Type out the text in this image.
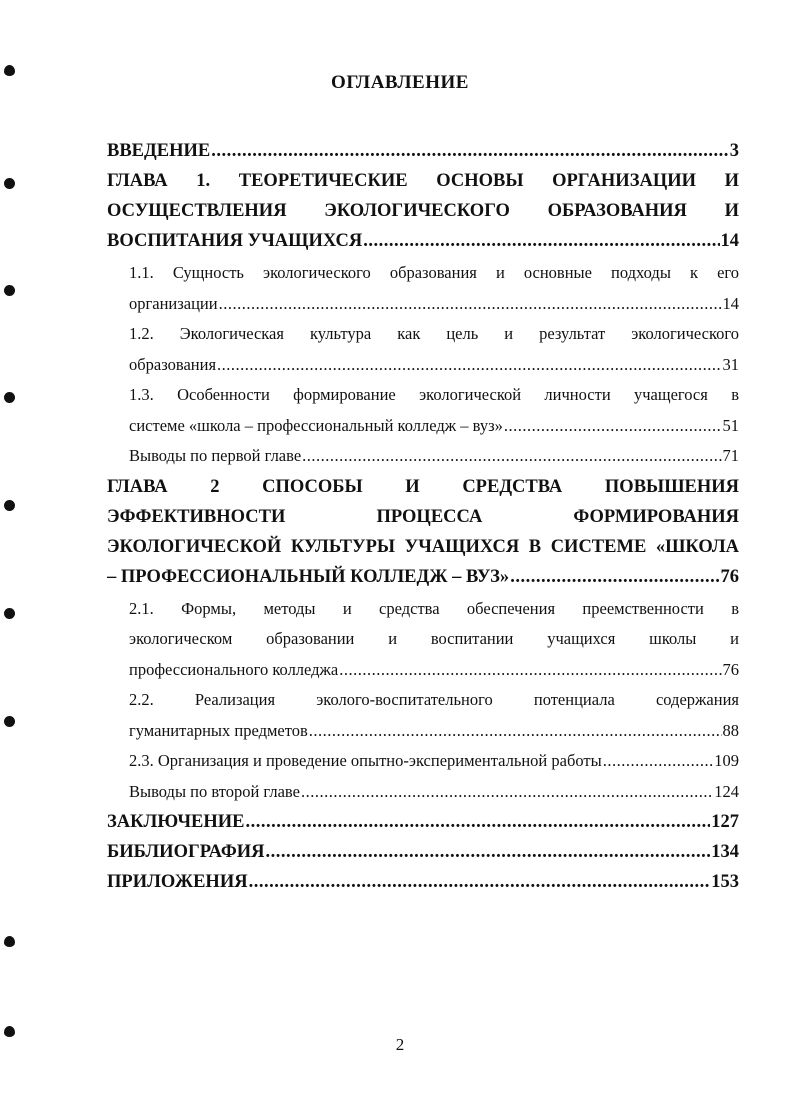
ОГЛАВЛЕНИЕ
ВВЕДЕНИЕ .....	3
ГЛАВА 1. ТЕОРЕТИЧЕСКИЕ ОСНОВЫ ОРГАНИЗАЦИИ И
ОСУЩЕСТВЛЕНИЯ ЭКОЛОГИЧЕСКОГО ОБРАЗОВАНИЯ И
ВОСПИТАНИЯ УЧАЩИХСЯ .....	14
1.1. Сущность экологического образования и основные подходы к его
организации .....	14
1.2. Экологическая культура как цель и результат экологического
образования .....	31
1.3. Особенности формирование экологической личности учащегося в
системе «школа – профессиональный колледж – вуз» .....	51
Выводы по первой главе .....	71
ГЛАВА 2 СПОСОБЫ И СРЕДСТВА ПОВЫШЕНИЯ
ЭФФЕКТИВНОСТИ ПРОЦЕССА ФОРМИРОВАНИЯ
ЭКОЛОГИЧЕСКОЙ КУЛЬТУРЫ УЧАЩИХСЯ В СИСТЕМЕ «ШКОЛА
– ПРОФЕССИОНАЛЬНЫЙ КОЛЛЕДЖ – ВУЗ» .....	76
2.1. Формы, методы и средства обеспечения преемственности в
экологическом образовании и воспитании учащихся школы и
профессионального колледжа .....	76
2.2. Реализация эколого-воспитательного потенциала содержания
гуманитарных предметов .....	88
2.3. Организация и проведение опытно-экспериментальной работы .....	109
Выводы по второй главе .....	124
ЗАКЛЮЧЕНИЕ .....	127
БИБЛИОГРАФИЯ .....	134
ПРИЛОЖЕНИЯ .....	153
2
